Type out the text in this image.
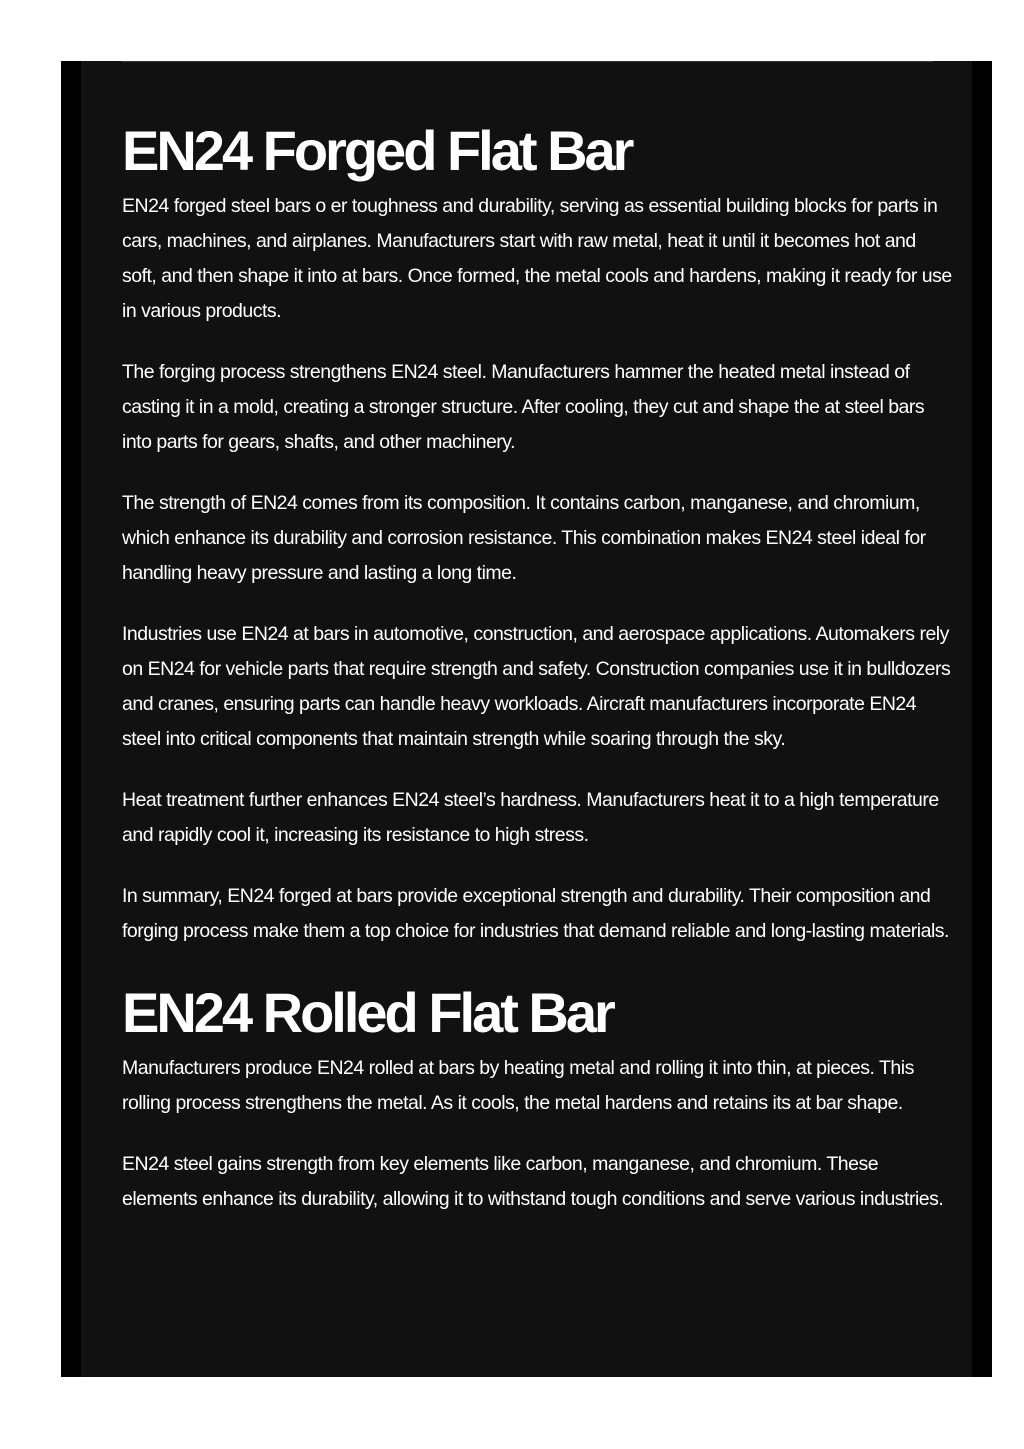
EN24 Forged Flat Bar

EN24 forged steel bars o er toughness and durability, serving as essential building blocks for parts in cars, machines, and airplanes. Manufacturers start with raw metal, heat it until it becomes hot and soft, and then shape it into at bars. Once formed, the metal cools and hardens, making it ready for use in various products.

The forging process strengthens EN24 steel. Manufacturers hammer the heated metal instead of casting it in a mold, creating a stronger structure. After cooling, they cut and shape the at steel bars into parts for gears, shafts, and other machinery.

The strength of EN24 comes from its composition. It contains carbon, manganese, and chromium, which enhance its durability and corrosion resistance. This combination makes EN24 steel ideal for handling heavy pressure and lasting a long time.

Industries use EN24 at bars in automotive, construction, and aerospace applications. Automakers rely on EN24 for vehicle parts that require strength and safety. Construction companies use it in bulldozers and cranes, ensuring parts can handle heavy workloads. Aircraft manufacturers incorporate EN24 steel into critical components that maintain strength while soaring through the sky.

Heat treatment further enhances EN24 steel’s hardness. Manufacturers heat it to a high temperature and rapidly cool it, increasing its resistance to high stress.

In summary, EN24 forged at bars provide exceptional strength and durability. Their composition and forging process make them a top choice for industries that demand reliable and long-lasting materials.

EN24 Rolled Flat Bar

Manufacturers produce EN24 rolled at bars by heating metal and rolling it into thin, at pieces. This rolling process strengthens the metal. As it cools, the metal hardens and retains its at bar shape.

EN24 steel gains strength from key elements like carbon, manganese, and chromium. These elements enhance its durability, allowing it to withstand tough conditions and serve various industries.
